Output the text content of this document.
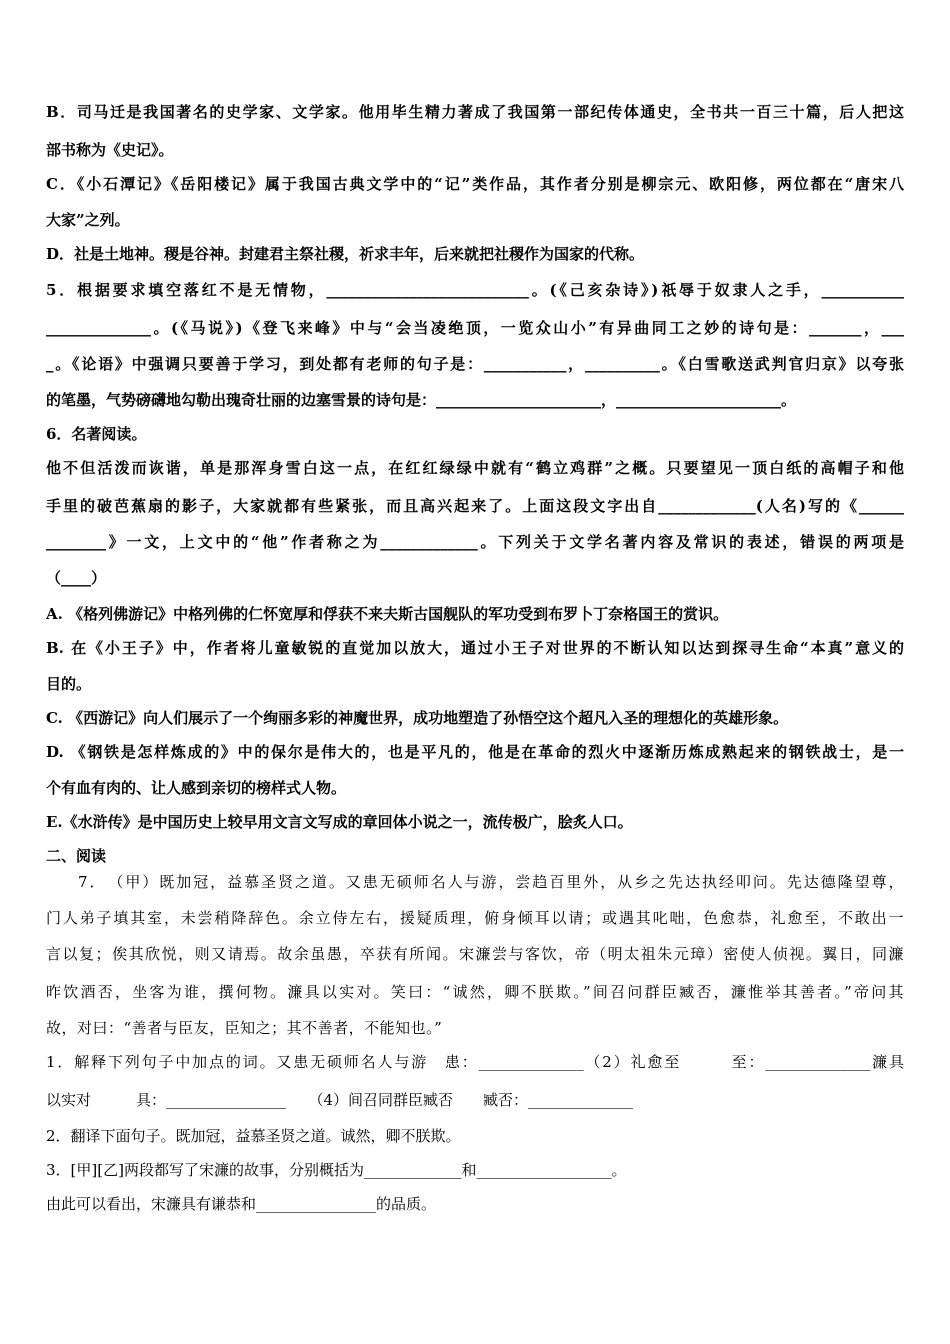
B．司马迁是我国著名的史学家、文学家。他用毕生精力著成了我国第一部纪传体通史，全书共一百三十篇，后人把这
部书称为《史记》。
C．《小石潭记》《岳阳楼记》属于我国古典文学中的“记”类作品，其作者分别是柳宗元、欧阳修，两位都在“唐宋八
大家”之列。
D．社是土地神。稷是谷神。封建君主祭社稷，祈求丰年，后来就把社稷作为国家的代称。
5．根据要求填空落红不是无情物，___________________________。(《己亥杂诗》)祇辱于奴隶人之手，___________
______________。(《马说》)《登飞来峰》中与“会当凌绝顶，一览众山小”有异曲同工之妙的诗句是：_______，___
_。《论语》中强调只要善于学习，到处都有老师的句子是：___________，__________。《白雪歌送武判官归京》以夸张
的笔墨，气势磅礴地勾勒出瑰奇壮丽的边塞雪景的诗句是：______________________，______________________。
6．名著阅读。
他不但活泼而诙谐，单是那浑身雪白这一点，在红红绿绿中就有“鹤立鸡群”之概。只要望见一顶白纸的高帽子和他
手里的破芭蕉扇的影子，大家就都有些紧张，而且高兴起来了。上面这段文字出自_____________(人名)写的《______
________》一文，上文中的“他”作者称之为_____________。下列关于文学名著内容及常识的表述，错误的两项是
（____）
A. 《格列佛游记》中格列佛的仁怀宽厚和俘获不来夫斯古国舰队的军功受到布罗卜丁奈格国王的赏识。
B. 在《小王子》中，作者将儿童敏锐的直觉加以放大，通过小王子对世界的不断认知以达到探寻生命“本真”意义的
目的。
C. 《西游记》向人们展示了一个绚丽多彩的神魔世界，成功地塑造了孙悟空这个超凡入圣的理想化的英雄形象。
D. 《钢铁是怎样炼成的》中的保尔是伟大的，也是平凡的，他是在革命的烈火中逐渐历炼成熟起来的钢铁战士，是一
个有血有肉的、让人感到亲切的榜样式人物。
E.《水浒传》是中国历史上较早用文言文写成的章回体小说之一，流传极广，脍炙人口。
二、阅读
7．　（甲）既加冠，益慕圣贤之道。又患无硕师名人与游，尝趋百里外，从乡之先达执经叩问。先达德隆望尊，
门人弟子填其室，未尝稍降辞色。余立侍左右，援疑质理，俯身倾耳以请；或遇其叱咄，色愈恭，礼愈至，不敢出一
言以复；俟其欣悦，则又请焉。故余虽愚，卒获有所闻。宋濂尝与客饮，帝（明太祖朱元璋）密使人侦视。翼日，同濂
昨饮酒否，坐客为谁，撰何物。濂具以实对。笑曰：“诚然，卿不朕欺。”间召问群臣臧否，濂惟举其善者。”帝问其
故，对曰：“善者与臣友，臣知之；其不善者，不能知也。”
1．解释下列句子中加点的词。又患无硕师名人与游　患：______________（2）礼愈至　　　至：______________濂具
以实对　　　具：________________　　（4）间召同群臣臧否　　臧否：______________
2．翻译下面句子。既加冠，益慕圣贤之道。诚然，卿不朕欺。
3．[甲][乙]两段都写了宋濂的故事，分别概括为_____________和__________________。
由此可以看出，宋濂具有谦恭和________________的品质。
